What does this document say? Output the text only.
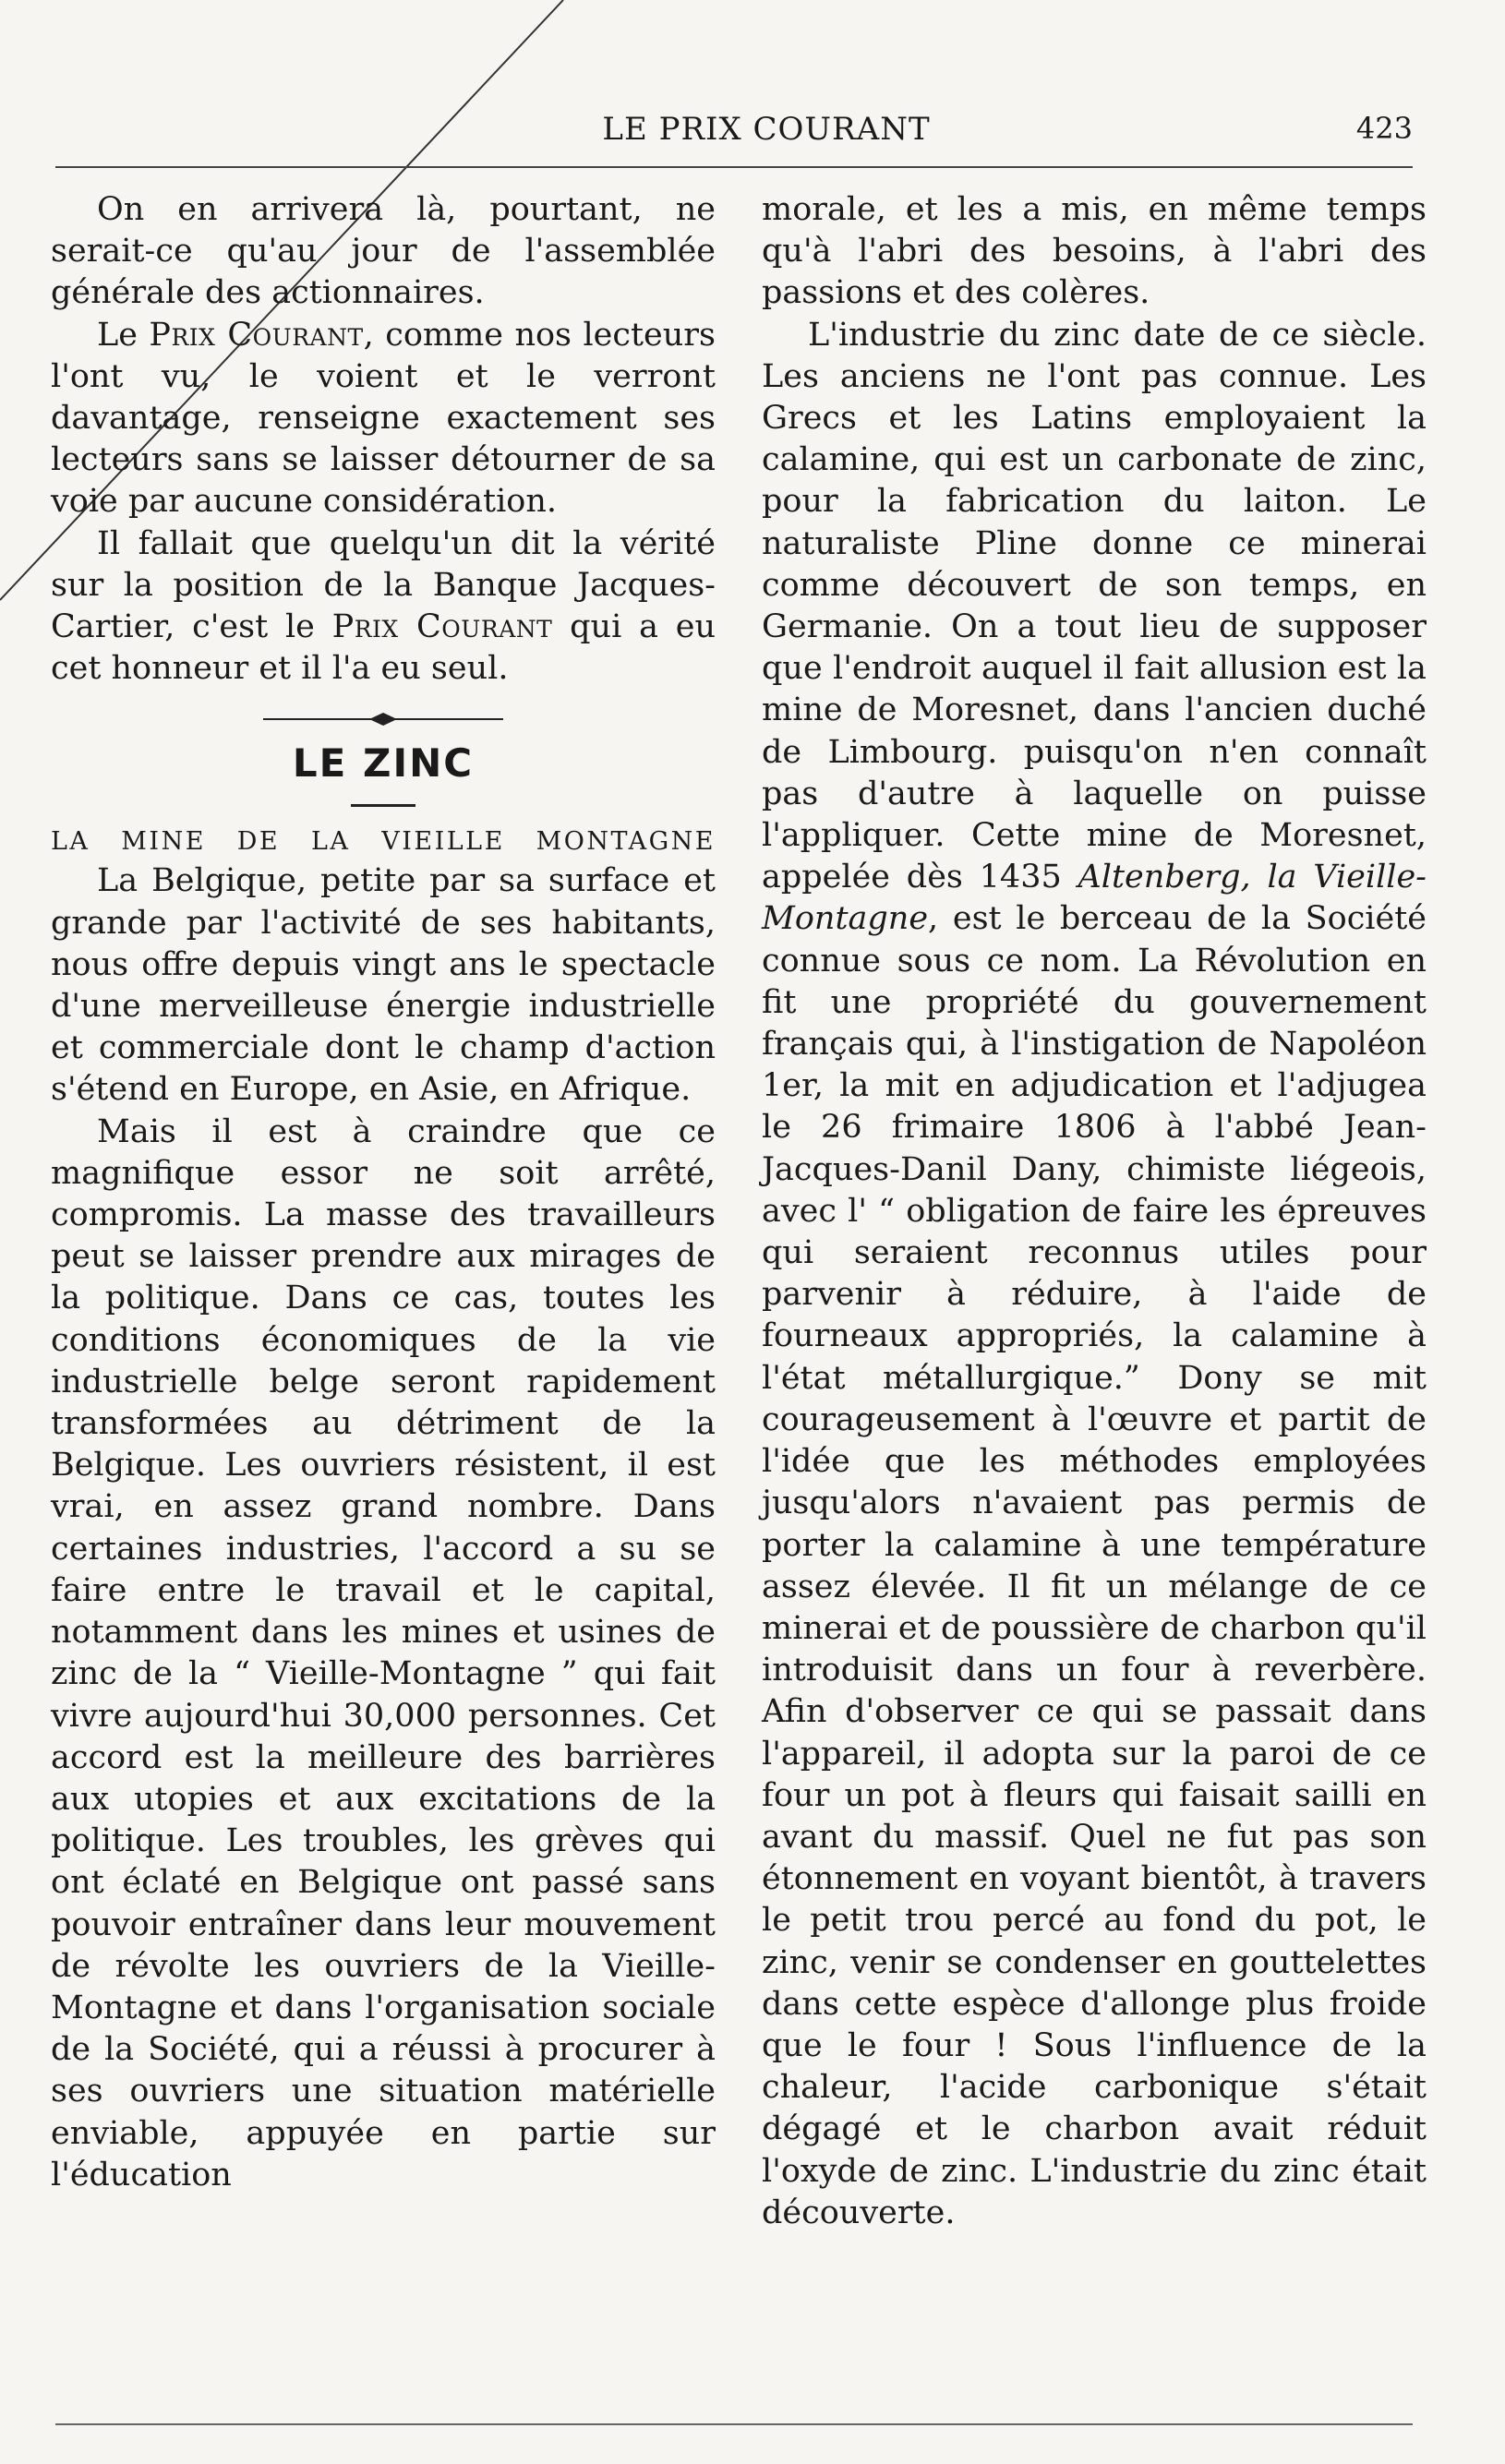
LE PRIX COURANT	423

On en arrivera là, pourtant, ne serait-ce qu'au jour de l'assemblée générale des actionnaires.

Le Prix Courant, comme nos lecteurs l'ont vu, le voient et le verront davantage, renseigne exactement ses lecteurs sans se laisser détourner de sa voie par aucune considération.

Il fallait que quelqu'un dit la vérité sur la position de la Banque Jacques-Cartier, c'est le Prix Courant qui a eu cet honneur et il l'a eu seul.

LE ZINC

LA MINE DE LA VIEILLE MONTAGNE

La Belgique, petite par sa surface et grande par l'activité de ses habitants, nous offre depuis vingt ans le spectacle d'une merveilleuse énergie industrielle et commerciale dont le champ d'action s'étend en Europe, en Asie, en Afrique.

Mais il est à craindre que ce magnifique essor ne soit arrêté, compromis. La masse des travailleurs peut se laisser prendre aux mirages de la politique. Dans ce cas, toutes les conditions économiques de la vie industrielle belge seront rapidement transformées au détriment de la Belgique. Les ouvriers résistent, il est vrai, en assez grand nombre. Dans certaines industries, l'accord a su se faire entre le travail et le capital, notamment dans les mines et usines de zinc de la “ Vieille-Montagne ” qui fait vivre aujourd'hui 30,000 personnes. Cet accord est la meilleure des barrières aux utopies et aux excitations de la politique. Les troubles, les grèves qui ont éclaté en Belgique ont passé sans pouvoir entraîner dans leur mouvement de révolte les ouvriers de la Vieille-Montagne et dans l'organisation sociale de la Société, qui a réussi à procurer à ses ouvriers une situation matérielle enviable, appuyée en partie sur l'éducation

morale, et les a mis, en même temps qu'à l'abri des besoins, à l'abri des passions et des colères.

L'industrie du zinc date de ce siècle. Les anciens ne l'ont pas connue. Les Grecs et les Latins employaient la calamine, qui est un carbonate de zinc, pour la fabrication du laiton. Le naturaliste Pline donne ce minerai comme découvert de son temps, en Germanie. On a tout lieu de supposer que l'endroit auquel il fait allusion est la mine de Moresnet, dans l'ancien duché de Limbourg. puisqu'on n'en connaît pas d'autre à laquelle on puisse l'appliquer. Cette mine de Moresnet, appelée dès 1435 Altenberg, la Vieille-Montagne, est le berceau de la Société connue sous ce nom. La Révolution en fit une propriété du gouvernement français qui, à l'instigation de Napoléon 1er, la mit en adjudication et l'adjugea le 26 frimaire 1806 à l'abbé Jean-Jacques-Danil Dany, chimiste liégeois, avec l' “ obligation de faire les épreuves qui seraient reconnus utiles pour parvenir à réduire, à l'aide de fourneaux appropriés, la calamine à l'état métallurgique.” Dony se mit courageusement à l'œuvre et partit de l'idée que les méthodes employées jusqu'alors n'avaient pas permis de porter la calamine à une température assez élevée. Il fit un mélange de ce minerai et de poussière de charbon qu'il introduisit dans un four à reverbère. Afin d'observer ce qui se passait dans l'appareil, il adopta sur la paroi de ce four un pot à fleurs qui faisait sailli en avant du massif. Quel ne fut pas son étonnement en voyant bientôt, à travers le petit trou percé au fond du pot, le zinc, venir se condenser en gouttelettes dans cette espèce d'allonge plus froide que le four ! Sous l'influence de la chaleur, l'acide carbonique s'était dégagé et le charbon avait réduit l'oxyde de zinc. L'industrie du zinc était découverte.
